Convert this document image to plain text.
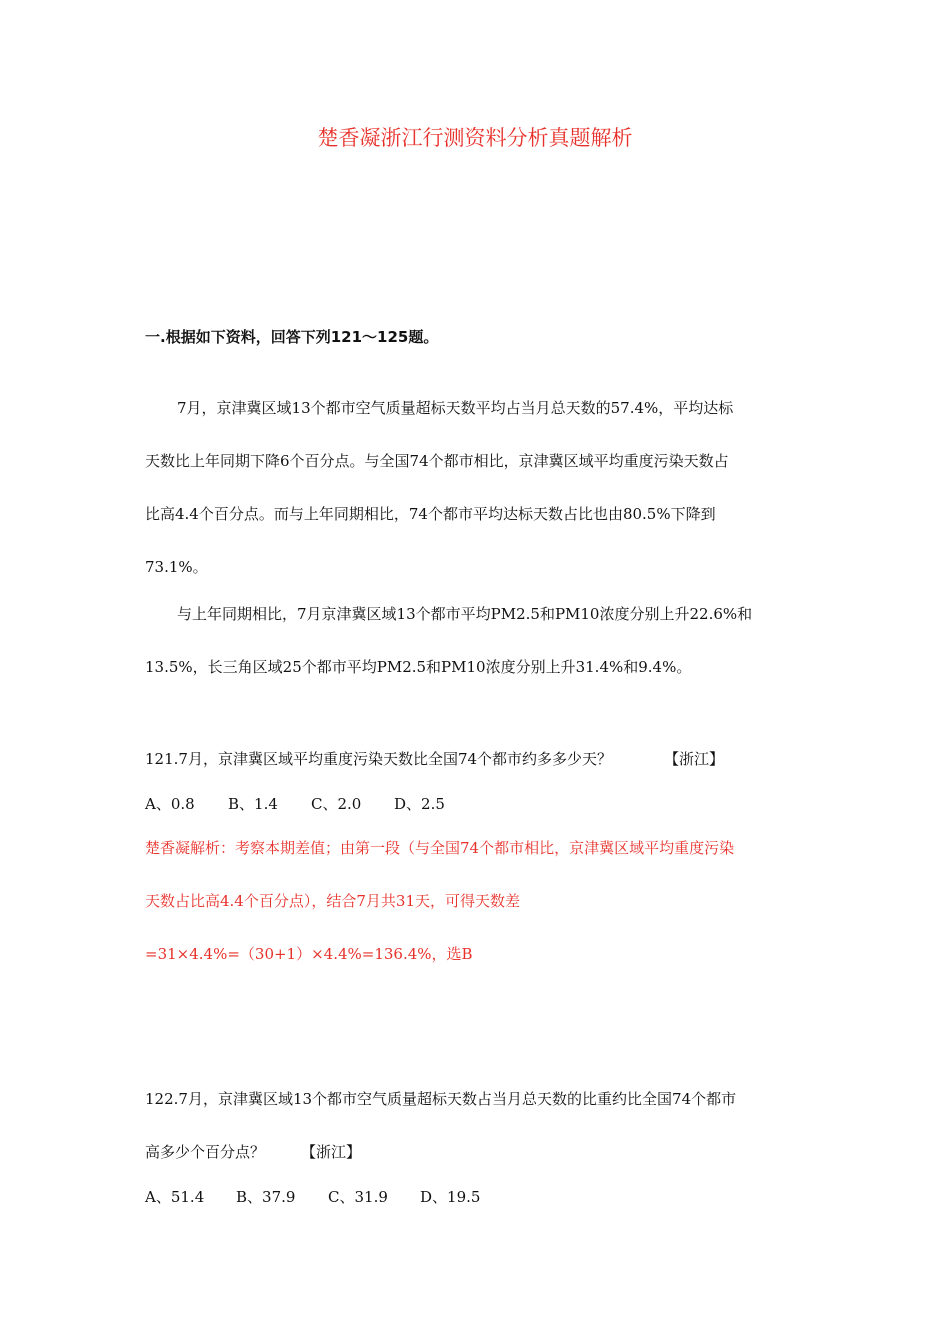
楚香凝浙江行测资料分析真题解析
一.根据如下资料，回答下列121～125题。
7月，京津冀区域13个都市空气质量超标天数平均占当月总天数的57.4%，平均达标
天数比上年同期下降6个百分点。与全国74个都市相比，京津冀区域平均重度污染天数占
比高4.4个百分点。而与上年同期相比，74个都市平均达标天数占比也由80.5%下降到
73.1%。
与上年同期相比，7月京津冀区域13个都市平均PM2.5和PM10浓度分别上升22.6%和
13.5%，长三角区域25个都市平均PM2.5和PM10浓度分别上升31.4%和9.4%。
121.7月，京津冀区域平均重度污染天数比全国74个都市约多多少天？	【浙江】
A、0.8 B、1.4 C、2.0 D、2.5
楚香凝解析：考察本期差值；由第一段（与全国74个都市相比，京津冀区域平均重度污染
天数占比高4.4个百分点），结合7月共31天，可得天数差
=31×4.4%=（30+1）×4.4%=136.4%，选B
122.7月，京津冀区域13个都市空气质量超标天数占当月总天数的比重约比全国74个都市
高多少个百分点？ 【浙江】
A、51.4 B、37.9 C、31.9 D、19.5
